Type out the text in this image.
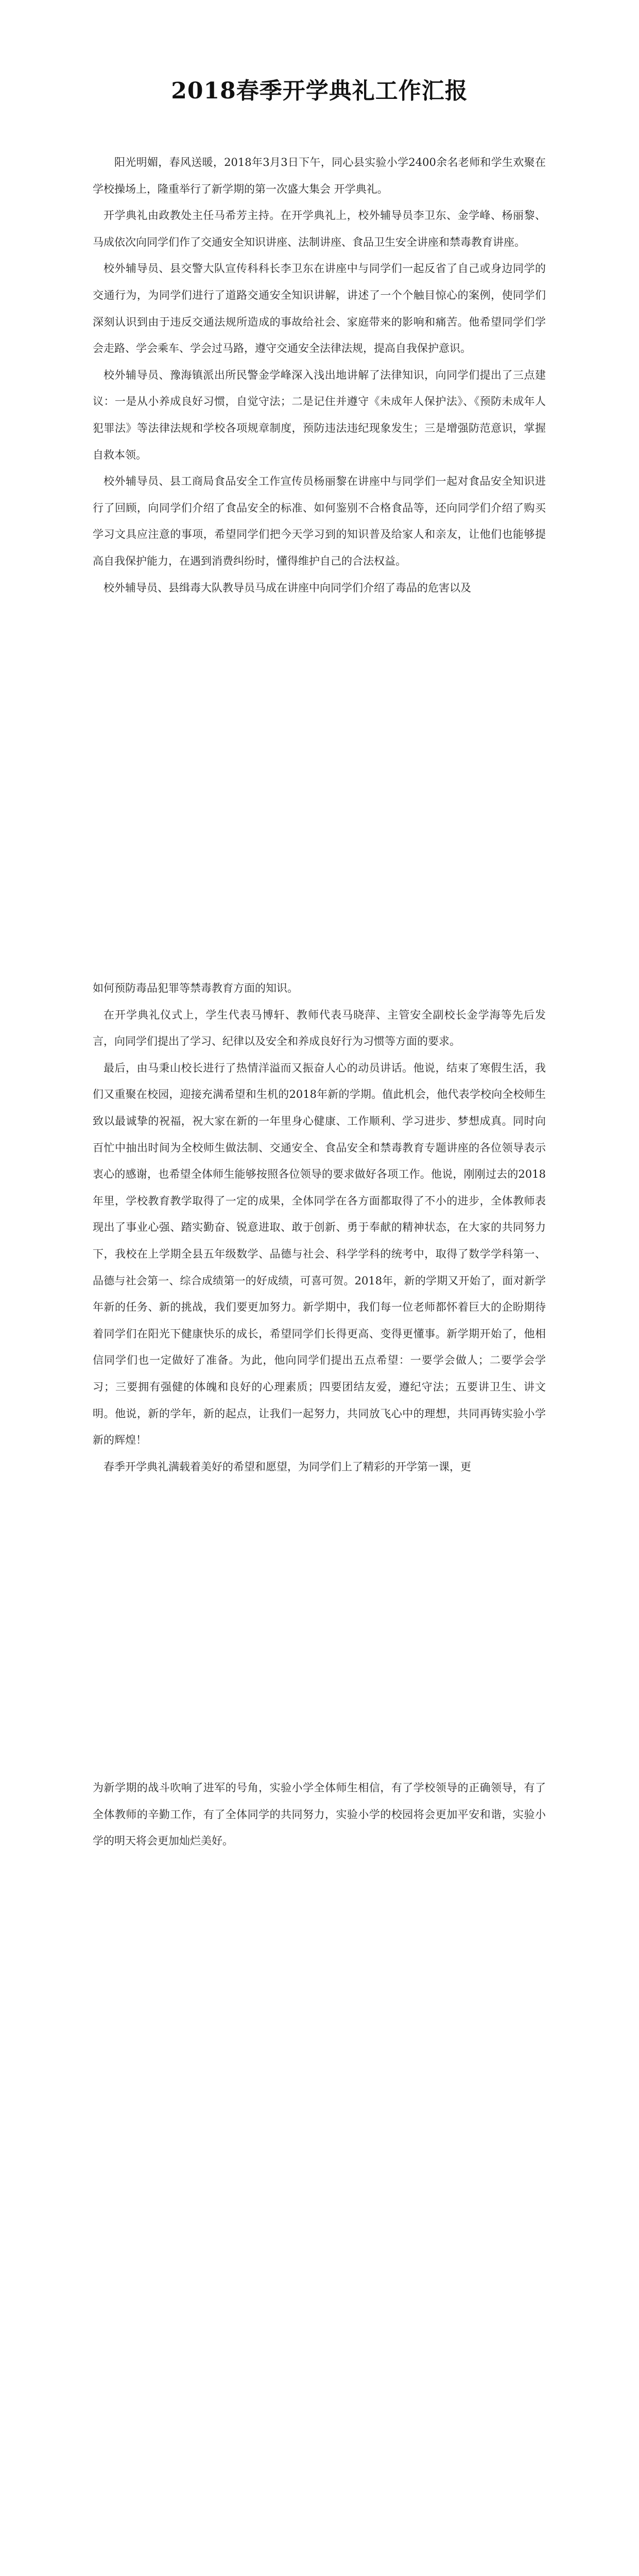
2018春季开学典礼工作汇报

阳光明媚，春风送暖，2018年3月3日下午，同心县实验小学2400余名老师和学生欢聚在学校操场上，隆重举行了新学期的第一次盛大集会 开学典礼。

开学典礼由政教处主任马希芳主持。在开学典礼上，校外辅导员李卫东、金学峰、杨丽黎、马成依次向同学们作了交通安全知识讲座、法制讲座、食品卫生安全讲座和禁毒教育讲座。

校外辅导员、县交警大队宣传科科长李卫东在讲座中与同学们一起反省了自己或身边同学的交通行为，为同学们进行了道路交通安全知识讲解，讲述了一个个触目惊心的案例，使同学们深刻认识到由于违反交通法规所造成的事故给社会、家庭带来的影响和痛苦。他希望同学们学会走路、学会乘车、学会过马路，遵守交通安全法律法规，提高自我保护意识。

校外辅导员、豫海镇派出所民警金学峰深入浅出地讲解了法律知识，向同学们提出了三点建议：一是从小养成良好习惯，自觉守法；二是记住并遵守《未成年人保护法》、《预防未成年人犯罪法》等法律法规和学校各项规章制度，预防违法违纪现象发生；三是增强防范意识，掌握自救本领。

校外辅导员、县工商局食品安全工作宣传员杨丽黎在讲座中与同学们一起对食品安全知识进行了回顾，向同学们介绍了食品安全的标准、如何鉴别不合格食品等，还向同学们介绍了购买学习文具应注意的事项，希望同学们把今天学习到的知识普及给家人和亲友，让他们也能够提高自我保护能力，在遇到消费纠纷时，懂得维护自己的合法权益。

校外辅导员、县缉毒大队教导员马成在讲座中向同学们介绍了毒品的危害以及

如何预防毒品犯罪等禁毒教育方面的知识。

在开学典礼仪式上，学生代表马博轩、教师代表马晓萍、主管安全副校长金学海等先后发言，向同学们提出了学习、纪律以及安全和养成良好行为习惯等方面的要求。

最后，由马秉山校长进行了热情洋溢而又振奋人心的动员讲话。他说，结束了寒假生活，我们又重聚在校园，迎接充满希望和生机的2018年新的学期。值此机会，他代表学校向全校师生致以最诚挚的祝福，祝大家在新的一年里身心健康、工作顺利、学习进步、梦想成真。同时向百忙中抽出时间为全校师生做法制、交通安全、食品安全和禁毒教育专题讲座的各位领导表示衷心的感谢，也希望全体师生能够按照各位领导的要求做好各项工作。他说，刚刚过去的2018年里，学校教育教学取得了一定的成果，全体同学在各方面都取得了不小的进步，全体教师表现出了事业心强、踏实勤奋、锐意进取、敢于创新、勇于奉献的精神状态，在大家的共同努力下，我校在上学期全县五年级数学、品德与社会、科学学科的统考中，取得了数学学科第一、品德与社会第一、综合成绩第一的好成绩，可喜可贺。2018年，新的学期又开始了，面对新学年新的任务、新的挑战，我们要更加努力。新学期中，我们每一位老师都怀着巨大的企盼期待着同学们在阳光下健康快乐的成长，希望同学们长得更高、变得更懂事。新学期开始了，他相信同学们也一定做好了准备。为此，他向同学们提出五点希望：一要学会做人；二要学会学习；三要拥有强健的体魄和良好的心理素质；四要团结友爱，遵纪守法；五要讲卫生、讲文明。他说，新的学年，新的起点，让我们一起努力，共同放飞心中的理想，共同再铸实验小学新的辉煌！

春季开学典礼满载着美好的希望和愿望，为同学们上了精彩的开学第一课，更

为新学期的战斗吹响了进军的号角，实验小学全体师生相信，有了学校领导的正确领导，有了全体教师的辛勤工作，有了全体同学的共同努力，实验小学的校园将会更加平安和谐，实验小学的明天将会更加灿烂美好。
